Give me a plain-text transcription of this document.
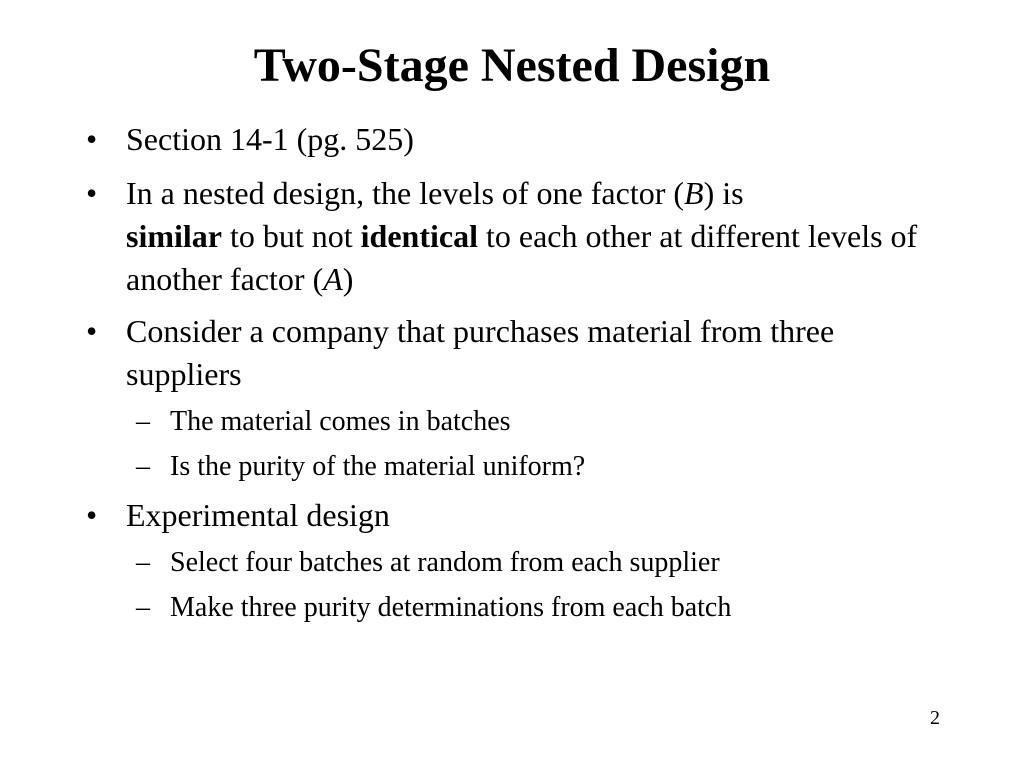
Two-Stage Nested Design
• Section 14-1 (pg. 525)
• In a nested design, the levels of one factor (B) is
similar to but not identical to each other at different levels of another factor (A)
• Consider a company that purchases material from three suppliers
– The material comes in batches
– Is the purity of the material uniform?
• Experimental design
– Select four batches at random from each supplier
– Make three purity determinations from each batch
2
